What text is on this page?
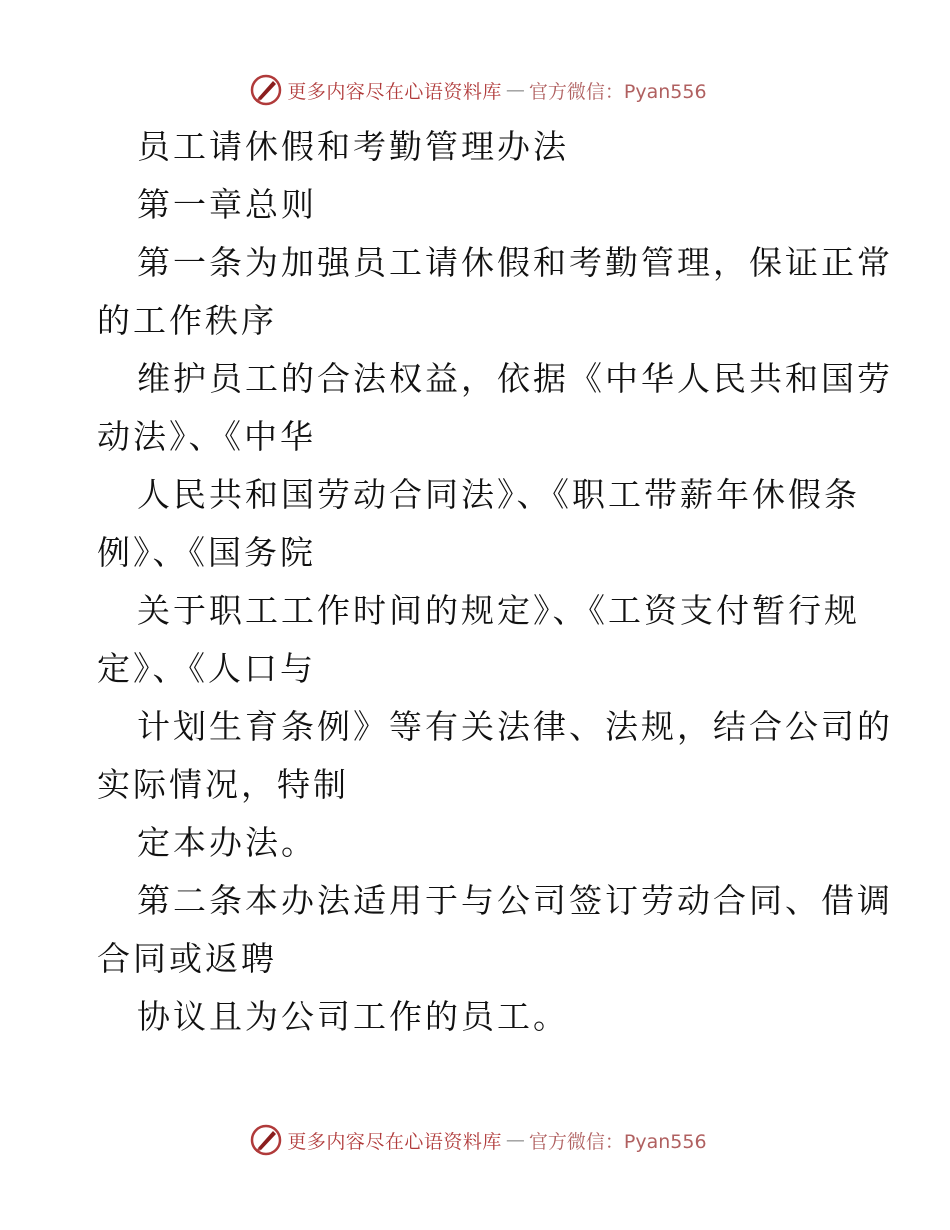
更多内容尽在心语资料库 — 官方微信：Pyan556
员工请休假和考勤管理办法
第一章总则
第一条为加强员工请休假和考勤管理，保证正常
的工作秩序
维护员工的合法权益，依据《中华人民共和国劳
动法》、《中华
人民共和国劳动合同法》、《职工带薪年休假条
例》、《国务院
关于职工工作时间的规定》、《工资支付暂行规
定》、《人口与
计划生育条例》等有关法律、法规，结合公司的
实际情况，特制
定本办法。
第二条本办法适用于与公司签订劳动合同、借调
合同或返聘
协议且为公司工作的员工。
更多内容尽在心语资料库 — 官方微信：Pyan556
